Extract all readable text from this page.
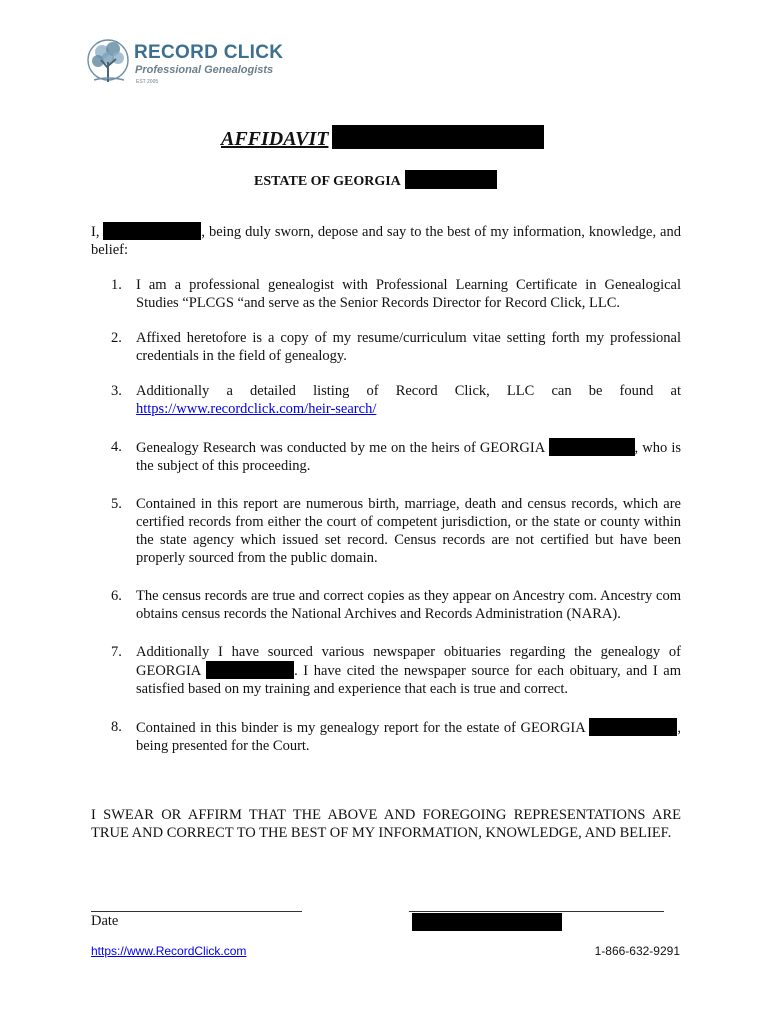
RECORD CLICK
Professional Genealogists
EST 2005
AFFIDAVIT
ESTATE OF GEORGIA
I,	, being duly sworn, depose and say to the best of my information, knowledge, and belief:
1. I am a professional genealogist with Professional Learning Certificate in Genealogical Studies “PLCGS “and serve as the Senior Records Director for Record Click, LLC.
2. Affixed heretofore is a copy of my resume/curriculum vitae setting forth my professional credentials in the field of genealogy.
3. Additionally a detailed listing of Record Click, LLC can be found at
https://www.recordclick.com/heir-search/
4. Genealogy Research was conducted by me on the heirs of GEORGIA	, who is the subject of this proceeding.
5. Contained in this report are numerous birth, marriage, death and census records, which are certified records from either the court of competent jurisdiction, or the state or county within the state agency which issued set record. Census records are not certified but have been properly sourced from the public domain.
6. The census records are true and correct copies as they appear on Ancestry com. Ancestry com obtains census records the National Archives and Records Administration (NARA).
7. Additionally I have sourced various newspaper obituaries regarding the genealogy of GEORGIA	. I have cited the newspaper source for each obituary, and I am satisfied based on my training and experience that each is true and correct.
8. Contained in this binder is my genealogy report for the estate of GEORGIA	, being presented for the Court.
I SWEAR OR AFFIRM THAT THE ABOVE AND FOREGOING REPRESENTATIONS ARE TRUE AND CORRECT TO THE BEST OF MY INFORMATION, KNOWLEDGE, AND BELIEF.
Date
https://www.RecordClick.com	1-866-632-9291
